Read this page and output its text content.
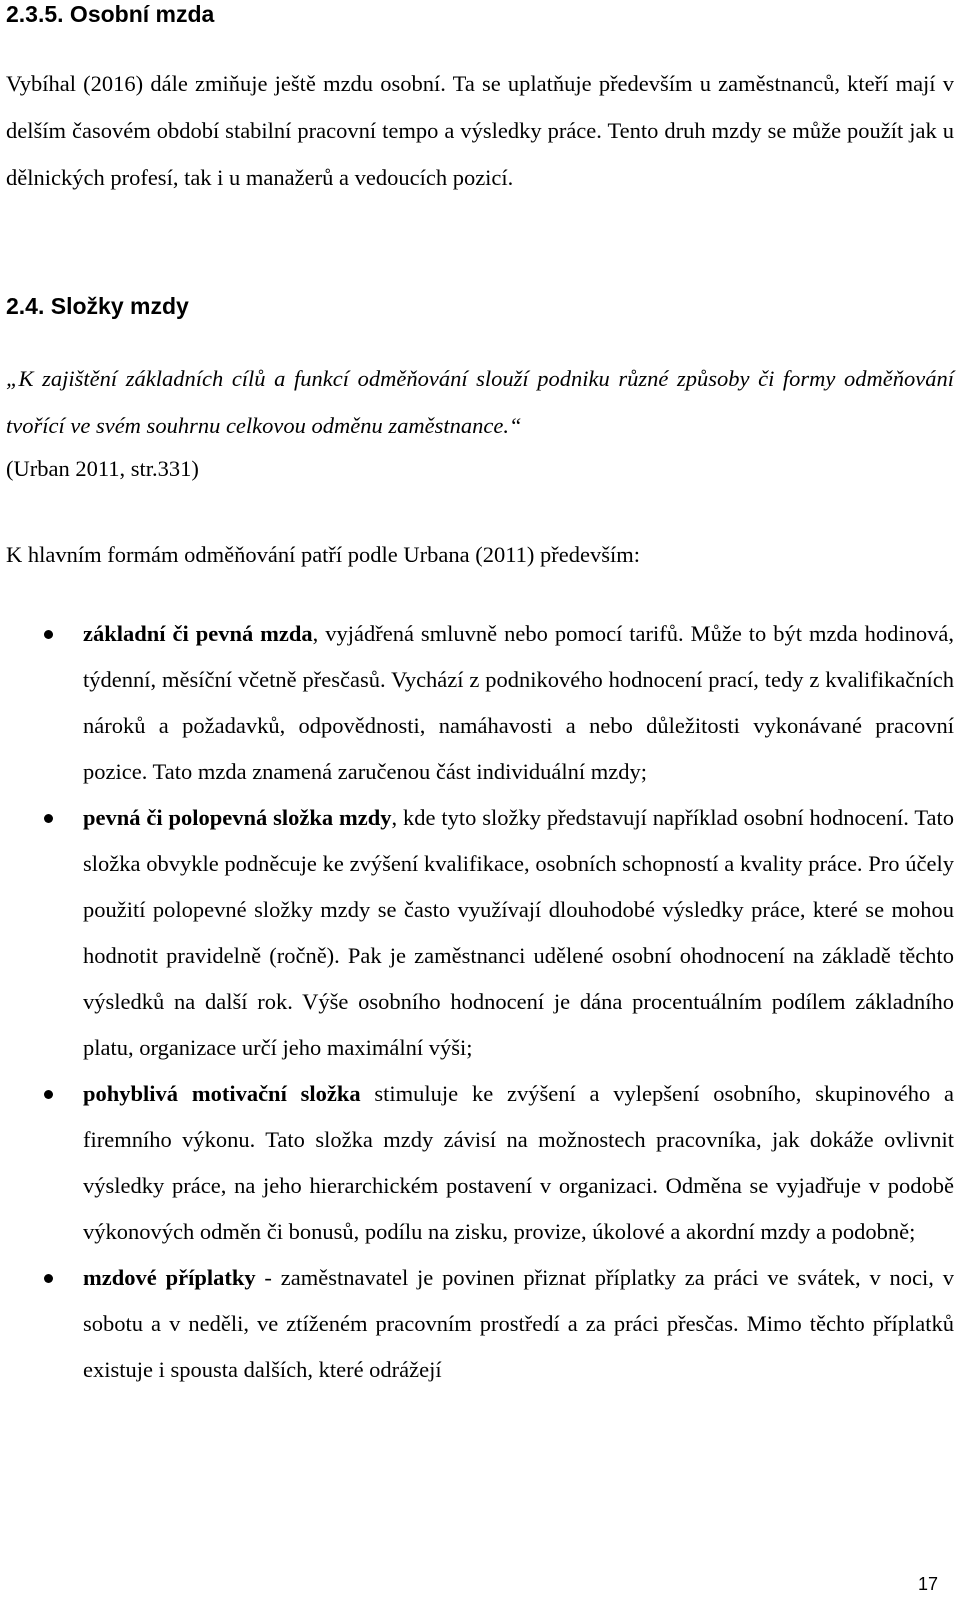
2.3.5. Osobní mzda

Vybíhal (2016) dále zmiňuje ještě mzdu osobní. Ta se uplatňuje především u zaměstnanců, kteří mají v delším časovém období stabilní pracovní tempo a výsledky práce. Tento druh mzdy se může použít jak u dělnických profesí, tak i u manažerů a vedoucích pozicí.

2.4. Složky mzdy

„K zajištění základních cílů a funkcí odměňování slouží podniku různé způsoby či formy odměňování tvořící ve svém souhrnu celkovou odměnu zaměstnance.“

(Urban 2011, str.331)

K hlavním formám odměňování patří podle Urbana (2011) především:

základní či pevná mzda, vyjádřená smluvně nebo pomocí tarifů. Může to být mzda hodinová, týdenní, měsíční včetně přesčasů. Vychází z podnikového hodnocení prací, tedy z kvalifikačních nároků a požadavků, odpovědnosti, namáhavosti a nebo důležitosti vykonávané pracovní pozice. Tato mzda znamená zaručenou část individuální mzdy;
pevná či polopevná složka mzdy, kde tyto složky představují například osobní hodnocení. Tato složka obvykle podněcuje ke zvýšení kvalifikace, osobních schopností a kvality práce. Pro účely použití polopevné složky mzdy se často využívají dlouhodobé výsledky práce, které se mohou hodnotit pravidelně (ročně). Pak je zaměstnanci udělené osobní ohodnocení na základě těchto výsledků na další rok. Výše osobního hodnocení je dána procentuálním podílem základního platu, organizace určí jeho maximální výši;
pohyblivá motivační složka stimuluje ke zvýšení a vylepšení osobního, skupinového a firemního výkonu. Tato složka mzdy závisí na možnostech pracovníka, jak dokáže ovlivnit výsledky práce, na jeho hierarchickém postavení v organizaci. Odměna se vyjadřuje v podobě výkonových odměn či bonusů, podílu na zisku, provize, úkolové a akordní mzdy a podobně;
mzdové příplatky - zaměstnavatel je povinen přiznat příplatky za práci ve svátek, v noci, v sobotu a v neděli, ve ztíženém pracovním prostředí a za práci přesčas. Mimo těchto příplatků existuje i spousta dalších, které odrážejí
17
